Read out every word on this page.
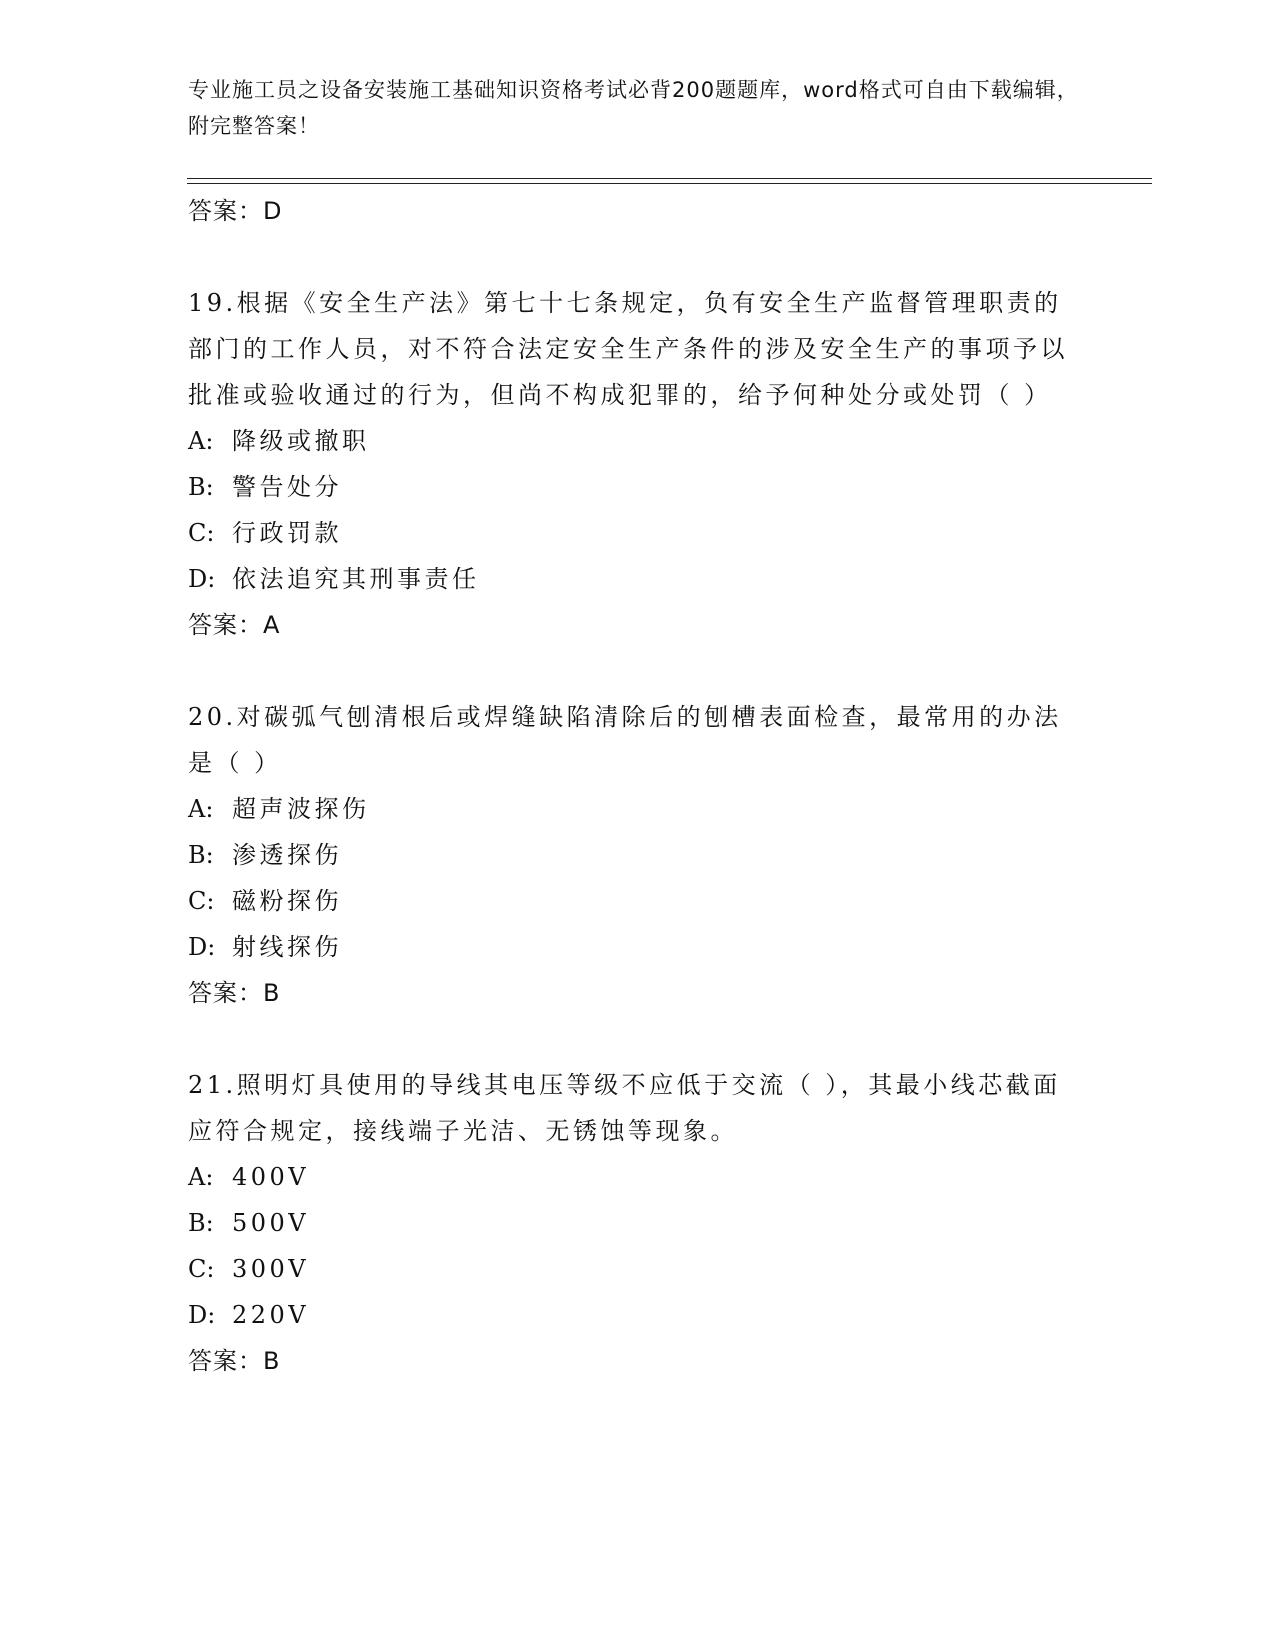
专业施工员之设备安装施工基础知识资格考试必背200题题库，word格式可自由下载编辑，附完整答案！
答案：D

19.根据《安全生产法》第七十七条规定，负有安全生产监督管理职责的部门的工作人员，对不符合法定安全生产条件的涉及安全生产的事项予以批准或验收通过的行为，但尚不构成犯罪的，给予何种处分或处罚（ ）

A: 降级或撤职
B: 警告处分
C: 行政罚款
D: 依法追究其刑事责任
答案：A

20.对碳弧气刨清根后或焊缝缺陷清除后的刨槽表面检查，最常用的办法是（ ）

A: 超声波探伤
B: 渗透探伤
C: 磁粉探伤
D: 射线探伤
答案：B

21.照明灯具使用的导线其电压等级不应低于交流（ ），其最小线芯截面应符合规定，接线端子光洁、无锈蚀等现象。

A: 400V
B: 500V
C: 300V
D: 220V
答案：B
